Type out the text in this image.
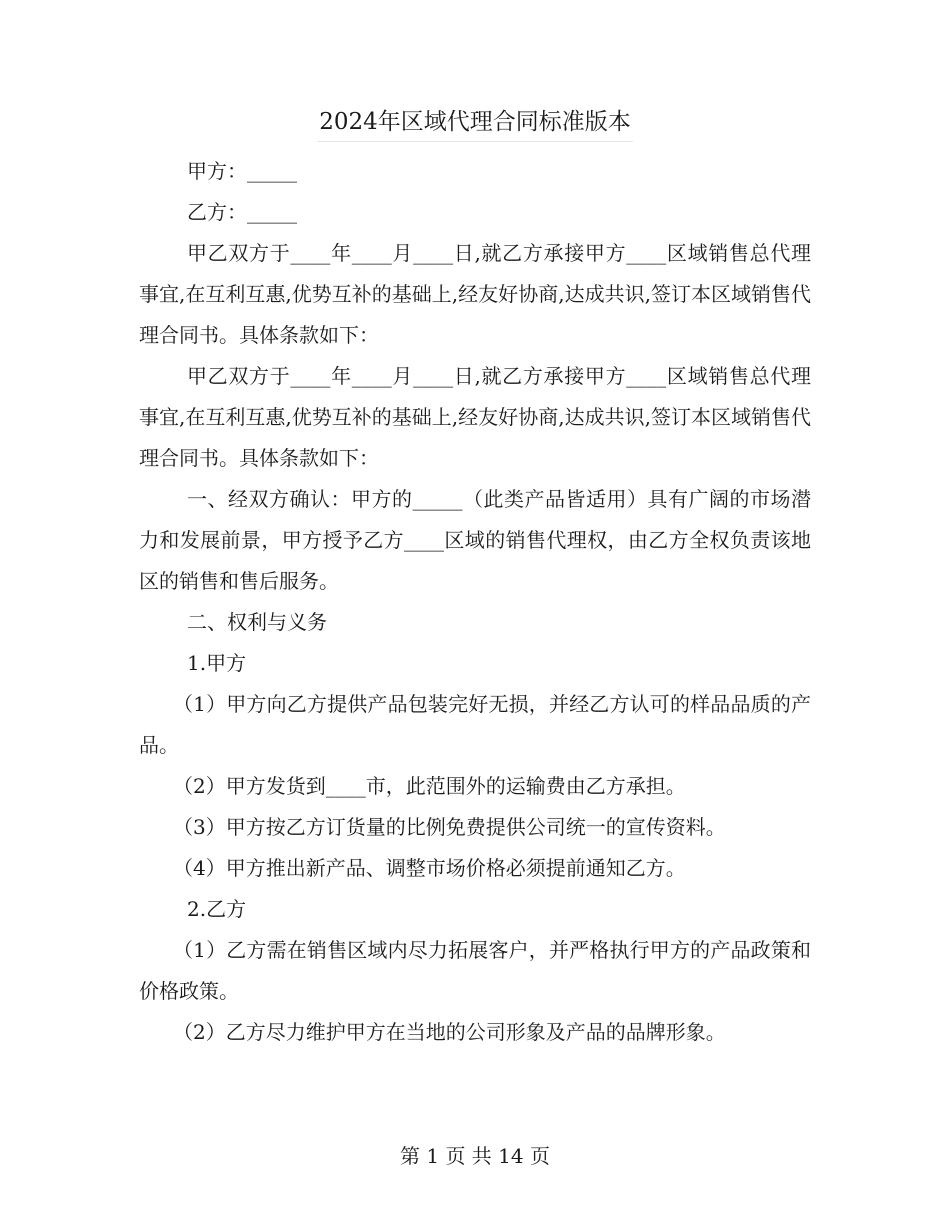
2024年区域代理合同标准版本

甲方：_____

乙方：_____

甲乙双方于____年____月____日,就乙方承接甲方____区域销售总代理事宜,在互利互惠,优势互补的基础上,经友好协商,达成共识,签订本区域销售代理合同书。具体条款如下：

甲乙双方于____年____月____日,就乙方承接甲方____区域销售总代理事宜,在互利互惠,优势互补的基础上,经友好协商,达成共识,签订本区域销售代理合同书。具体条款如下：

一、经双方确认：甲方的_____（此类产品皆适用）具有广阔的市场潜力和发展前景，甲方授予乙方____区域的销售代理权，由乙方全权负责该地区的销售和售后服务。

二、权利与义务

1.甲方

（1）甲方向乙方提供产品包装完好无损，并经乙方认可的样品品质的产品。

（2）甲方发货到____市，此范围外的运输费由乙方承担。

（3）甲方按乙方订货量的比例免费提供公司统一的宣传资料。

（4）甲方推出新产品、调整市场价格必须提前通知乙方。

2.乙方

（1）乙方需在销售区域内尽力拓展客户，并严格执行甲方的产品政策和价格政策。

（2）乙方尽力维护甲方在当地的公司形象及产品的品牌形象。

第 1 页 共 14 页
